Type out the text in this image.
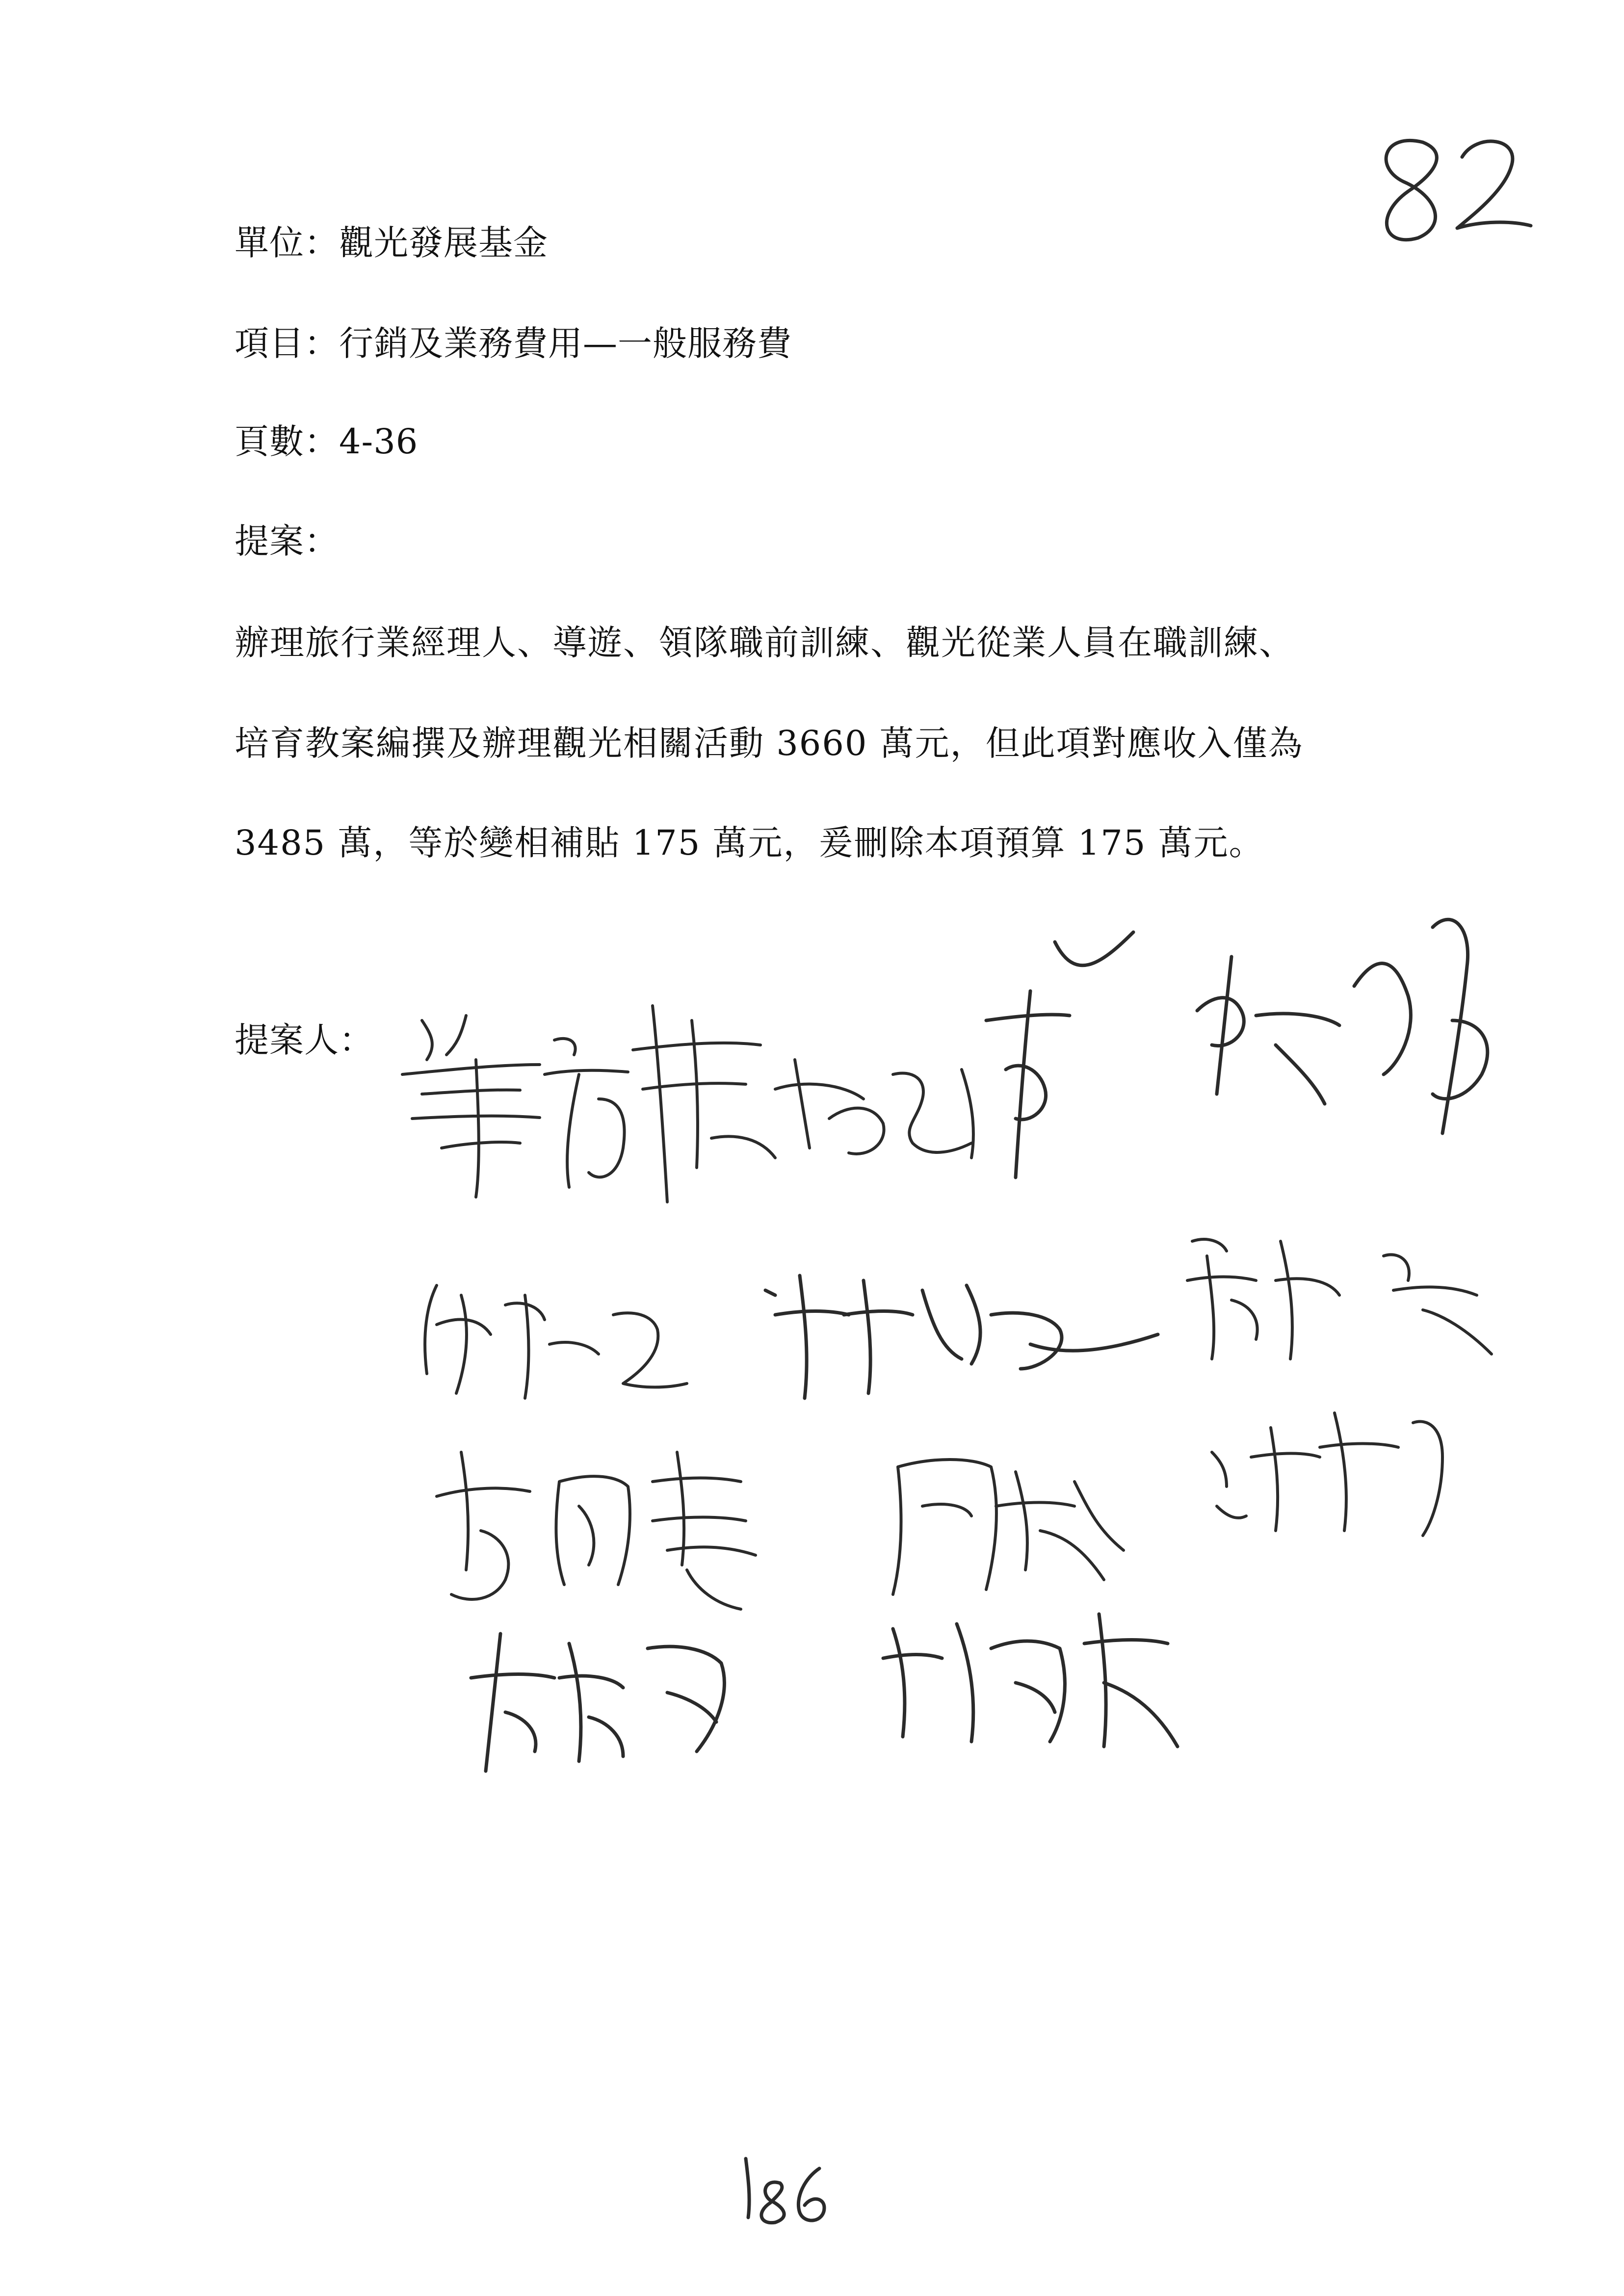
單位：觀光發展基金
項目：行銷及業務費用—一般服務費
頁數：4-36
提案：
辦理旅行業經理人、導遊、領隊職前訓練、觀光從業人員在職訓練、
培育教案編撰及辦理觀光相關活動 3660 萬元，但此項對應收入僅為
3485 萬，等於變相補貼 175 萬元，爰刪除本項預算 175 萬元。
提案人：
